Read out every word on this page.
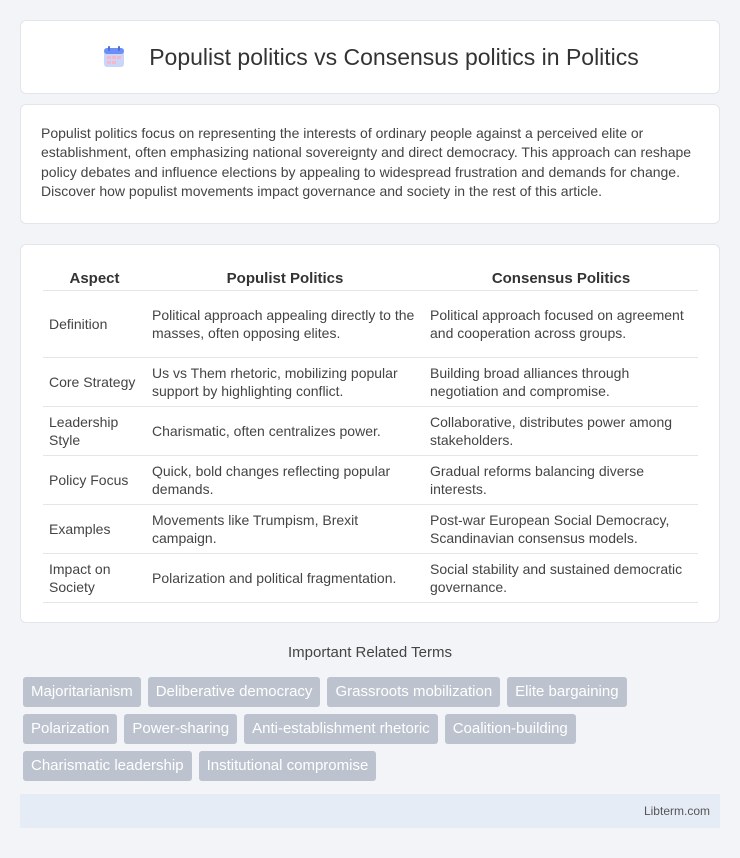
Populist politics vs Consensus politics in Politics

Populist politics focus on representing the interests of ordinary people against a perceived elite or establishment, often emphasizing national sovereignty and direct democracy. This approach can reshape policy debates and influence elections by appealing to widespread frustration and demands for change. Discover how populist movements impact governance and society in the rest of this article.

Aspect	Populist Politics	Consensus Politics
Definition	Political approach appealing directly to the masses, often opposing elites.	Political approach focused on agreement and cooperation across groups.
Core Strategy	Us vs Them rhetoric, mobilizing popular support by highlighting conflict.	Building broad alliances through negotiation and compromise.
Leadership Style	Charismatic, often centralizes power.	Collaborative, distributes power among stakeholders.
Policy Focus	Quick, bold changes reflecting popular demands.	Gradual reforms balancing diverse interests.
Examples	Movements like Trumpism, Brexit campaign.	Post-war European Social Democracy, Scandinavian consensus models.
Impact on Society	Polarization and political fragmentation.	Social stability and sustained democratic governance.
Important Related Terms
Majoritarianism	Deliberative democracy	Grassroots mobilization	Elite bargaining
Polarization	Power-sharing	Anti-establishment rhetoric	Coalition-building
Charismatic leadership	Institutional compromise
Libterm.com
